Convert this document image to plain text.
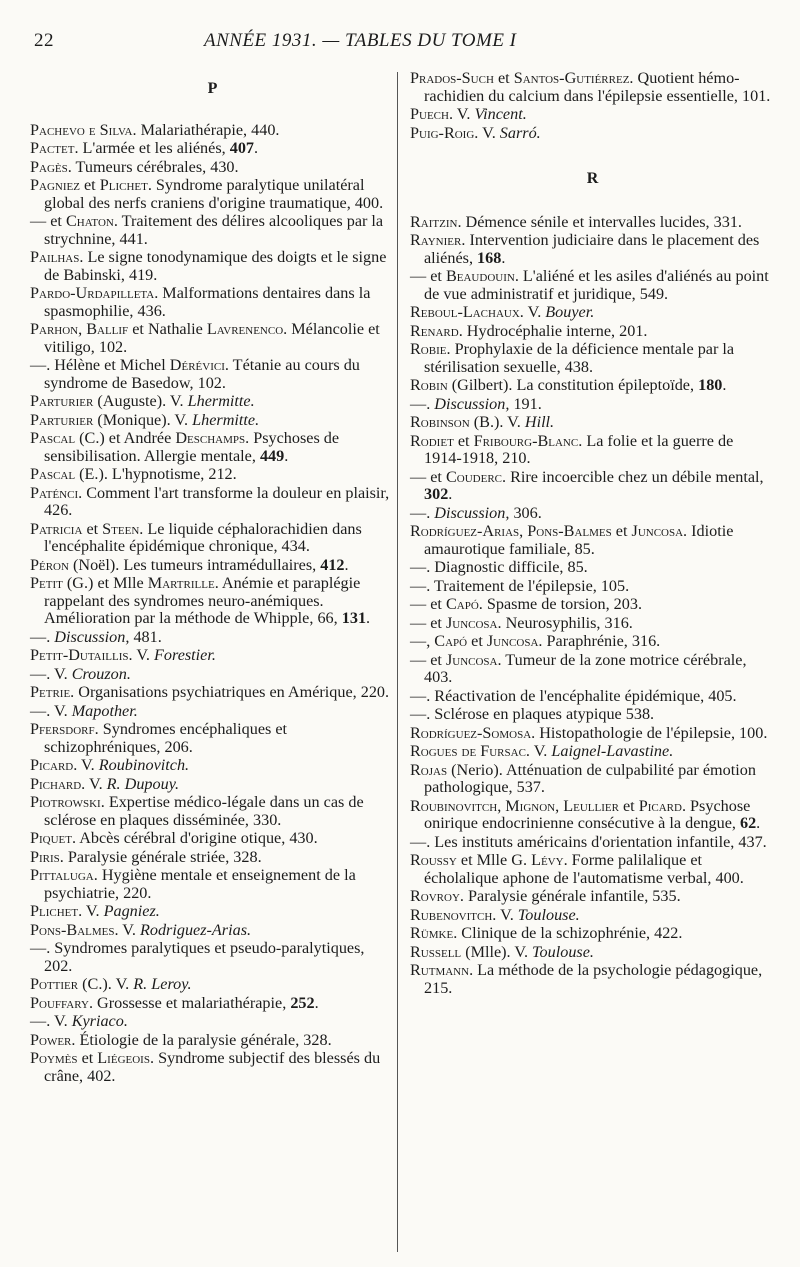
22	ANNÉE 1931. — TABLES DU TOME I

P

Pachevo e Silva. Malariathérapie, 440.

Pactet. L'armée et les aliénés, 407.

Pagès. Tumeurs cérébrales, 430.

Pagniez et Plichet. Syndrome paralytique unilatéral global des nerfs craniens d'origine traumatique, 400.

— et Chaton. Traitement des délires alcooliques par la strychnine, 441.

Pailhas. Le signe tonodynamique des doigts et le signe de Babinski, 419.

Pardo-Urdapilleta. Malformations dentaires dans la spasmophilie, 436.

Parhon, Ballif et Nathalie Lavrenenco. Mélancolie et vitiligo, 102.

—. Hélène et Michel Dérévici. Tétanie au cours du syndrome de Basedow, 102.

Parturier (Auguste). V. Lhermitte.

Parturier (Monique). V. Lhermitte.

Pascal (C.) et Andrée Deschamps. Psychoses de sensibilisation. Allergie mentale, 449.

Pascal (E.). L'hypnotisme, 212.

Paténci. Comment l'art transforme la douleur en plaisir, 426.

Patricia et Steen. Le liquide céphalorachidien dans l'encéphalite épidémique chronique, 434.

Péron (Noël). Les tumeurs intramédullaires, 412.

Petit (G.) et Mlle Martrille. Anémie et paraplégie rappelant des syndromes neuro-anémiques. Amélioration par la méthode de Whipple, 66, 131.

—. Discussion, 481.

Petit-Dutaillis. V. Forestier.

—. V. Crouzon.

Petrie. Organisations psychiatriques en Amérique, 220.

—. V. Mapother.

Pfersdorf. Syndromes encéphaliques et schizophréniques, 206.

Picard. V. Roubinovitch.

Pichard. V. R. Dupouy.

Piotrowski. Expertise médico-légale dans un cas de sclérose en plaques disséminée, 330.

Piquet. Abcès cérébral d'origine otique, 430.

Piris. Paralysie générale striée, 328.

Pittaluga. Hygiène mentale et enseignement de la psychiatrie, 220.

Plichet. V. Pagniez.

Pons-Balmes. V. Rodriguez-Arias.

—. Syndromes paralytiques et pseudo-paralytiques, 202.

Pottier (C.). V. R. Leroy.

Pouffary. Grossesse et malariathérapie, 252.

—. V. Kyriaco.

Power. Étiologie de la paralysie générale, 328.

Poymès et Liégeois. Syndrome subjectif des blessés du crâne, 402.

Prados-Such et Santos-Gutiérrez. Quotient hémo-rachidien du calcium dans l'épilepsie essentielle, 101.

Puech. V. Vincent.

Puig-Roig. V. Sarró.

R

Raitzin. Démence sénile et intervalles lucides, 331.

Raynier. Intervention judiciaire dans le placement des aliénés, 168.

— et Beaudouin. L'aliéné et les asiles d'aliénés au point de vue administratif et juridique, 549.

Reboul-Lachaux. V. Bouyer.

Renard. Hydrocéphalie interne, 201.

Robie. Prophylaxie de la déficience mentale par la stérilisation sexuelle, 438.

Robin (Gilbert). La constitution épileptoïde, 180.

—. Discussion, 191.

Robinson (B.). V. Hill.

Rodiet et Fribourg-Blanc. La folie et la guerre de 1914-1918, 210.

— et Couderc. Rire incoercible chez un débile mental, 302.

—. Discussion, 306.

Rodríguez-Arias, Pons-Balmes et Juncosa. Idiotie amaurotique familiale, 85.

—. Diagnostic difficile, 85.

—. Traitement de l'épilepsie, 105.

— et Capó. Spasme de torsion, 203.

— et Juncosa. Neurosyphilis, 316.

—, Capó et Juncosa. Paraphrénie, 316.

— et Juncosa. Tumeur de la zone motrice cérébrale, 403.

—. Réactivation de l'encéphalite épidémique, 405.

—. Sclérose en plaques atypique 538.

Rodríguez-Somosa. Histopathologie de l'épilepsie, 100.

Rogues de Fursac. V. Laignel-Lavastine.

Rojas (Nerio). Atténuation de culpabilité par émotion pathologique, 537.

Roubinovitch, Mignon, Leullier et Picard. Psychose onirique endocrinienne consécutive à la dengue, 62.

—. Les instituts américains d'orientation infantile, 437.

Roussy et Mlle G. Lévy. Forme palilalique et écholalique aphone de l'automatisme verbal, 400.

Rovroy. Paralysie générale infantile, 535.

Rubenovitch. V. Toulouse.

Rümke. Clinique de la schizophrénie, 422.

Russell (Mlle). V. Toulouse.

Rutmann. La méthode de la psychologie pédagogique, 215.
